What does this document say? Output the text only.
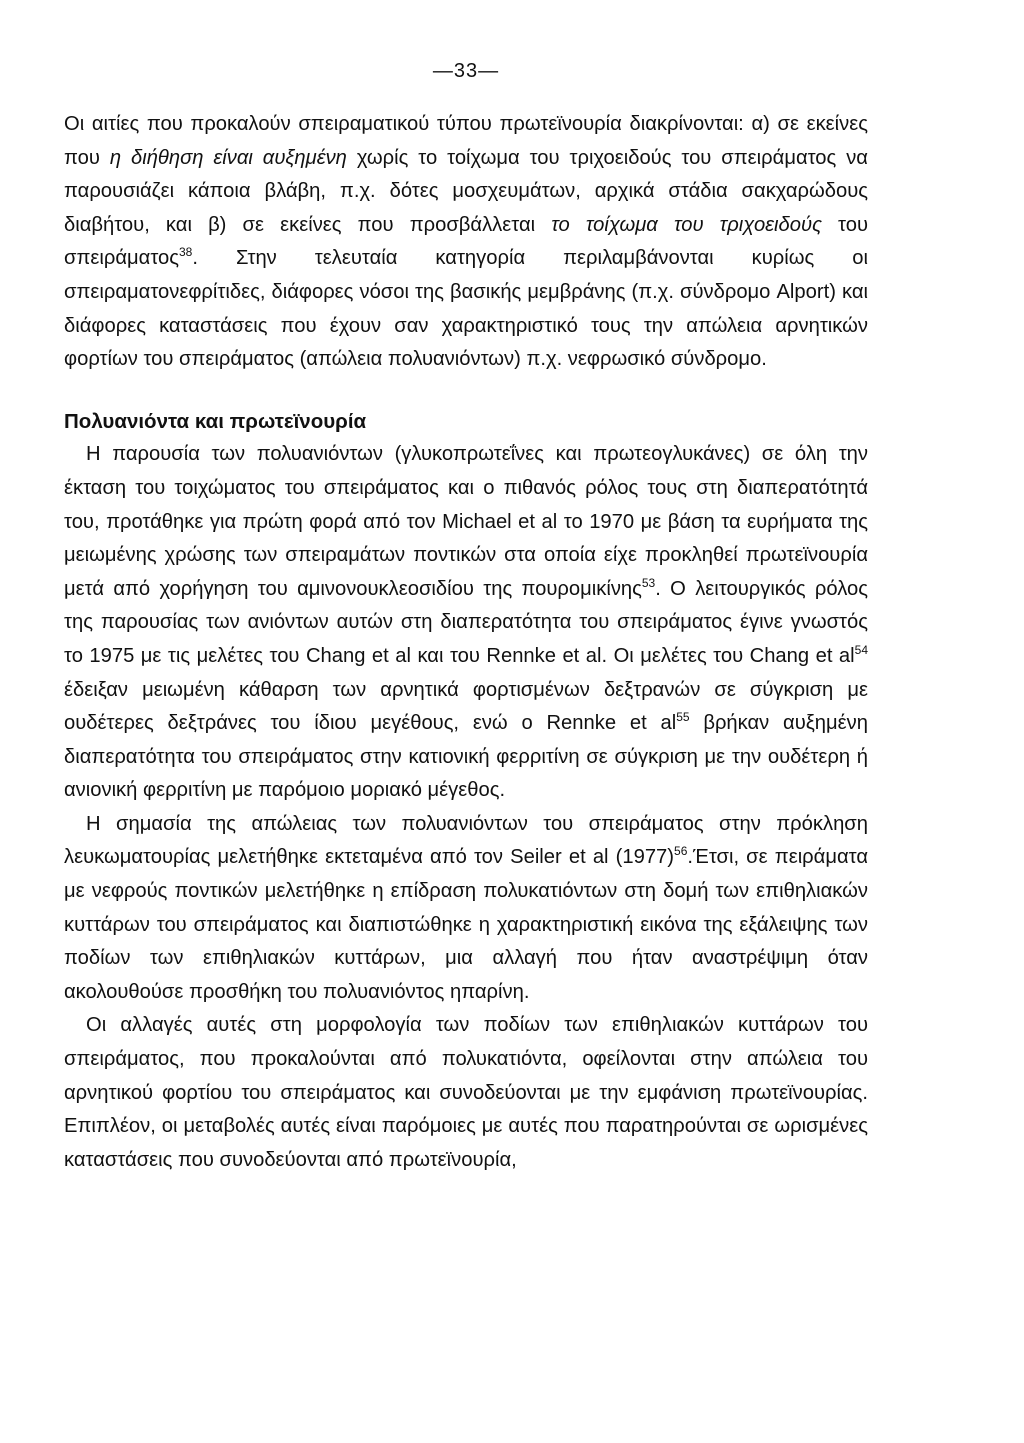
—33—

Οι αιτίες που προκαλούν σπειραματικού τύπου πρωτεϊνουρία διακρίνονται: α) σε εκείνες που η διήθηση είναι αυξημένη χωρίς το τοίχωμα του τριχοειδούς του σπειράματος να παρουσιάζει κάποια βλάβη, π.χ. δότες μοσχευμάτων, αρχικά στάδια σακχαρώδους διαβήτου, και β) σε εκείνες που προσβάλλεται το τοίχωμα του τριχοειδούς του σπειράματος$^{38}$. Στην τελευταία κατηγορία περιλαμβάνονται κυρίως οι σπειραματονεφρίτιδες, διάφορες νόσοι της βασικής μεμβράνης (π.χ. σύνδρομο Alport) και διάφορες καταστάσεις που έχουν σαν χαρακτηριστικό τους την απώλεια αρνητικών φορτίων του σπειράματος (απώλεια πολυανιόντων) π.χ. νεφρωσικό σύνδρομο.

Πολυανιόντα και πρωτεϊνουρία

Η παρουσία των πολυανιόντων (γλυκοπρωτεΐνες και πρωτεογλυκάνες) σε όλη την έκταση του τοιχώματος του σπειράματος και ο πιθανός ρόλος τους στη διαπερατότητά του, προτάθηκε για πρώτη φορά από τον Michael et al το 1970 με βάση τα ευρήματα της μειωμένης χρώσης των σπειραμάτων ποντικών στα οποία είχε προκληθεί πρωτεϊνουρία μετά από χορήγηση του αμινονουκλεοσιδίου της πουρομικίνης$^{53}$. Ο λειτουργικός ρόλος της παρουσίας των ανιόντων αυτών στη διαπερατότητα του σπειράματος έγινε γνωστός το 1975 με τις μελέτες του Chang et al και του Rennke et al. Οι μελέτες του Chang et $al^{54}$ έδειξαν μειωμένη κάθαρση των αρνητικά φορτισμένων δεξτρανών σε σύγκριση με ουδέτερες δεξτράνες του ίδιου μεγέθους, ενώ ο Rennke et $al^{55}$ βρήκαν αυξημένη διαπερατότητα του σπειράματος στην κατιονική φερριτίνη σε σύγκριση με την ουδέτερη ή ανιονική φερριτίνη με παρόμοιο μοριακό μέγεθος.

Η σημασία της απώλειας των πολυανιόντων του σπειράματος στην πρόκληση λευκωματουρίας μελετήθηκε εκτεταμένα από τον Seiler et al $(1977)^{56}.Έ\tau\sigma\iota$, σε πειράματα με νεφρούς ποντικών μελετήθηκε η επίδραση πολυκατιόντων στη δομή των επιθηλιακών κυττάρων του σπειράματος και διαπιστώθηκε η χαρακτηριστική εικόνα της εξάλειψης των ποδίων των επιθηλιακών κυττάρων, μια αλλαγή που ήταν αναστρέψιμη όταν ακολουθούσε προσθήκη του πολυανιόντος ηπαρίνη.

Οι αλλαγές αυτές στη μορφολογία των ποδίων των επιθηλιακών κυττάρων του σπειράματος, που προκαλούνται από πολυκατιόντα, οφείλονται στην απώλεια του αρνητικού φορτίου του σπειράματος και συνοδεύονται με την εμφάνιση πρωτεϊνουρίας. Επιπλέον, οι μεταβολές αυτές είναι παρόμοιες με αυτές που παρατηρούνται σε ωρισμένες καταστάσεις που συνοδεύονται από πρωτεϊνουρία,
